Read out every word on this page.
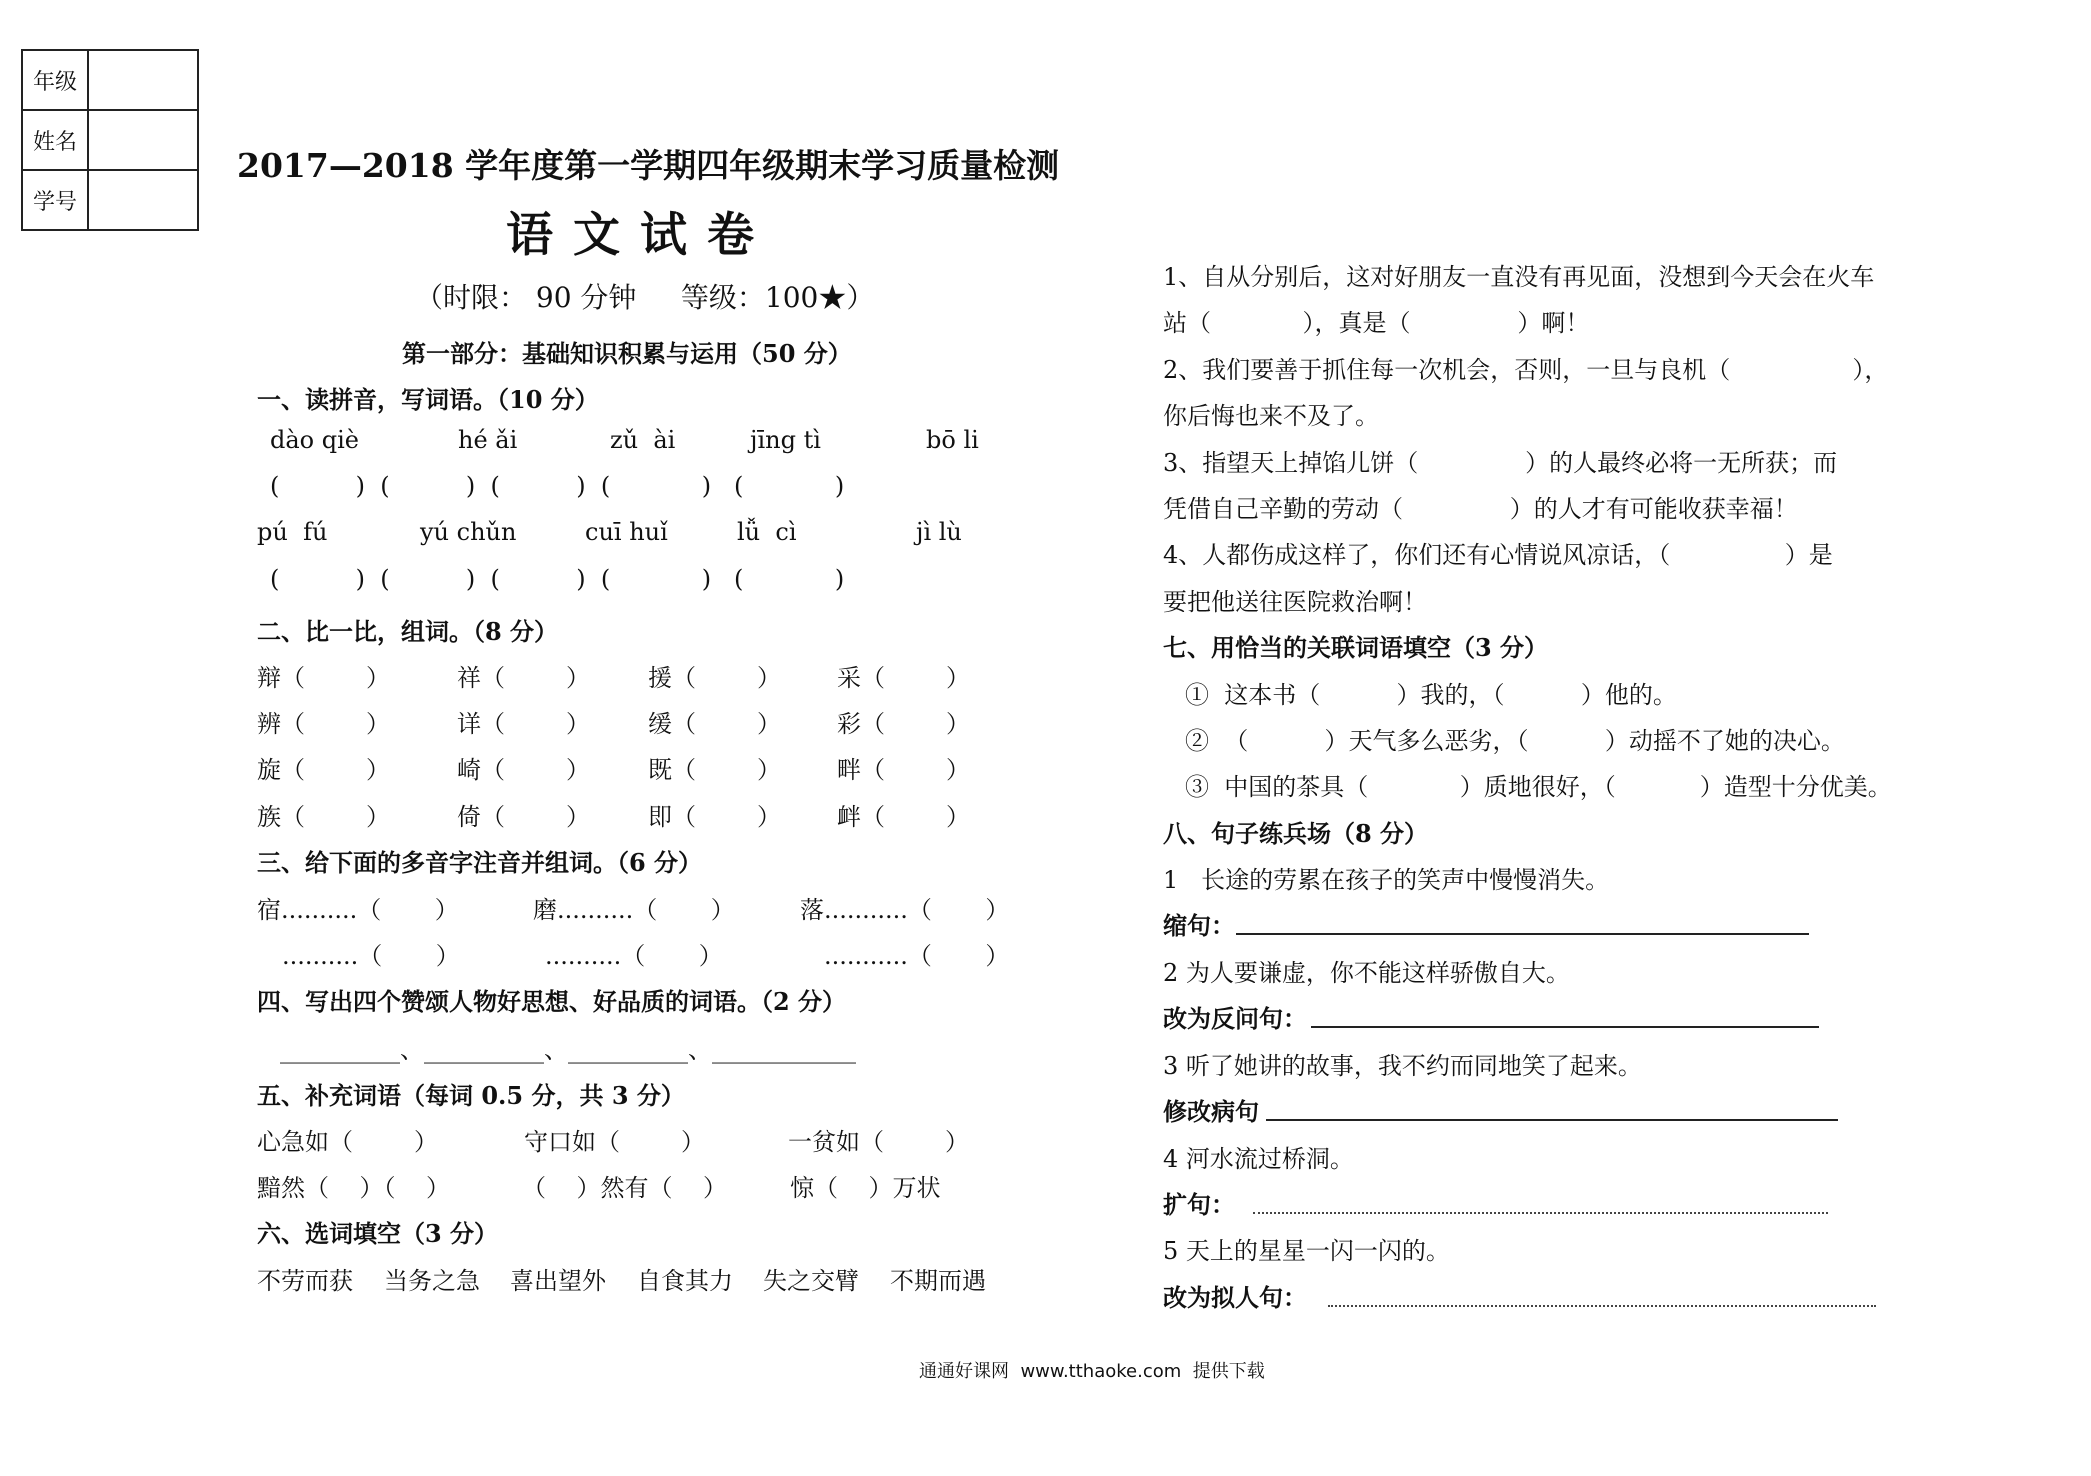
年级	
姓名	
学号	
2017—2018 学年度第一学期四年级期末学习质量检测
语文试卷
（时限： 90 分钟     等级：100★）
第一部分：基础知识积累与运用（50 分）
一、读拼音，写词语。（10 分）
dào qiè	hé ǎi	zǔ  ài	jīng tì	bō li
(          )  (          )  (          )  (            )   (            )
pú  fú	yú chǔn	cuī huǐ	lǚ  cì	jì lù
(          )  (          )  (          )  (            )   (            )
二、比一比，组词。（8 分）
辩（        ）	祥（        ） 援（        ） 采（        ）
辨（        ）	详（        ） 缓（        ） 彩（        ）
旋（        ）	崎（        ） 既（        ） 畔（        ）
族（        ）	倚（        ） 即（        ） 衅（        ）
三、给下面的多音字注音并组词。（6 分）
宿..........（       ）	磨..........（       ）	落...........（       ）
..........（       ）	..........（       ）	...........（       ）
四、写出四个赞颂人物好思想、好品质的词语。（2 分）
__________、__________、__________、____________
五、补充词语（每词 0.5 分，共 3 分）
心急如（        ）	守口如（        ）	一贫如（        ）
黯然（    ）（    ）	（    ）然有（    ）	惊（    ）万状
六、选词填空（3 分）
不劳而获 当务之急 喜出望外 自食其力 失之交臂 不期而遇
1、自从分别后，这对好朋友一直没有再见面，没想到今天会在火车
站（            ），真是（              ）啊！
2、我们要善于抓住每一次机会，否则，一旦与良机（                ），
你后悔也来不及了。
3、指望天上掉馅儿饼（              ）的人最终必将一无所获；而
凭借自己辛勤的劳动（              ）的人才有可能收获幸福！
4、人都伤成这样了，你们还有心情说风凉话，（               ）是
要把他送往医院救治啊！
七、用恰当的关联词语填空（3 分）
①  这本书（          ）我的，（          ）他的。
②  （          ）天气多么恶劣，（          ）动摇不了她的决心。
③  中国的茶具（            ）质地很好，（           ）造型十分优美。
八、句子练兵场（8 分）
1   长途的劳累在孩子的笑声中慢慢消失。
缩句：
2 为人要谦虚，你不能这样骄傲自大。
改为反问句：
3 听了她讲的故事，我不约而同地笑了起来。
修改病句
4 河水流过桥洞。
扩句：
5 天上的星星一闪一闪的。
改为拟人句：
通通好课网  www.tthaoke.com  提供下载
